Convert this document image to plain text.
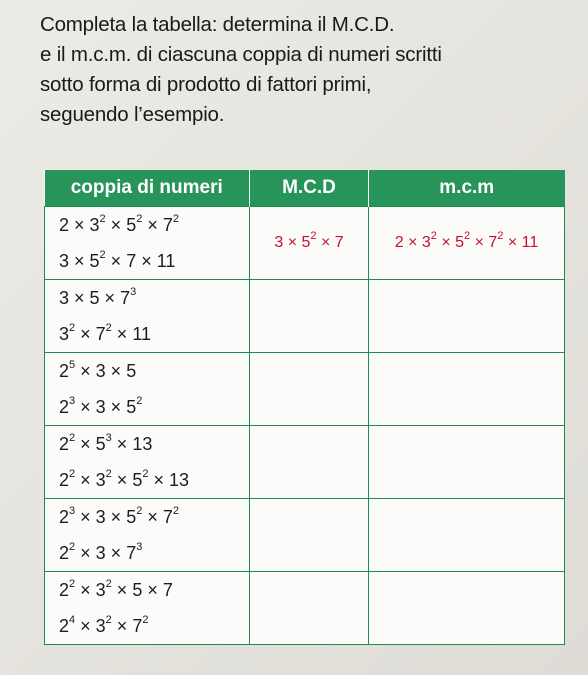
Completa la tabella: determina il M.C.D.
e il m.c.m. di ciascuna coppia di numeri scritti
sotto forma di prodotto di fattori primi,
seguendo l’esempio.
coppia di numeri	M.C.D	m.c.m

$2 \times 3^2 \times 5^2 \times 7^2$
$3 \times 5^2 \times 7 \times 11$	$3 \times 5^2 \times 7$	$2 \times 3^2 \times 5^2 \times 7^2 \times 11$

$3 \times 5 \times 7^3$
$3^2 \times 7^2 \times 11$		

$2^5 \times 3 \times 5$
$2^3 \times 3 \times 5^2$

$2^2 \times 5^3 \times 13$
$2^2 \times 3^2 \times 5^2 \times 13$		

$2^3 \times 3 \times 5^2 \times 7^2$
$2^2 \times 3 \times 7^3$

$2^2 \times 3^2 \times 5 \times 7$
$2^4 \times 3^2 \times 7^2$
